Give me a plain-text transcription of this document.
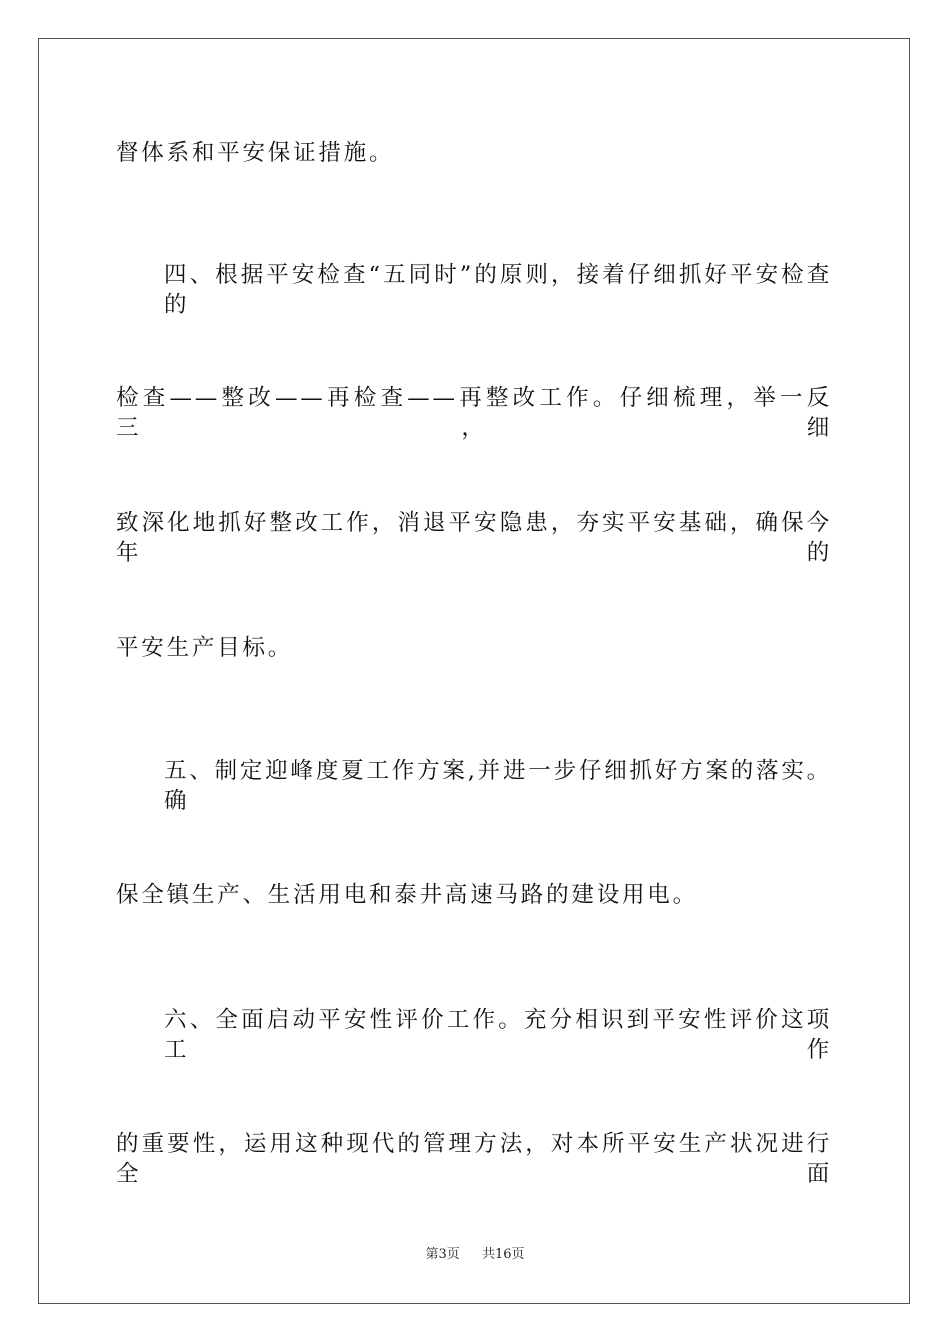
督体系和平安保证措施。
四、根据平安检查“五同时”的原则，接着仔细抓好平安检查的
检查——整改——再检查——再整改工作。仔细梳理，举一反三，细
致深化地抓好整改工作，消退平安隐患，夯实平安基础，确保今年的
平安生产目标。
五、制定迎峰度夏工作方案,并进一步仔细抓好方案的落实。确
保全镇生产、生活用电和泰井高速马路的建设用电。
六、全面启动平安性评价工作。充分相识到平安性评价这项工作
的重要性，运用这种现代的管理方法，对本所平安生产状况进行全面
第3页 共16页
